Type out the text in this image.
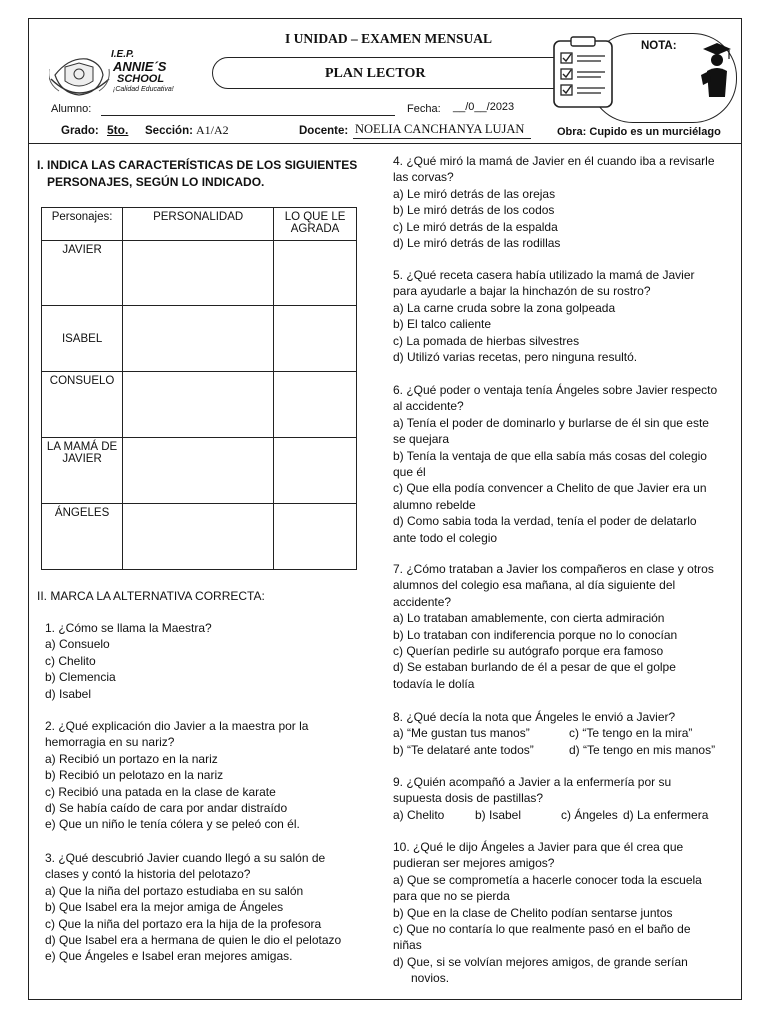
I UNIDAD – EXAMEN MENSUAL
I.E.P.
ANNIE´S
SCHOOL
¡Calidad Educativa!
PLAN LECTOR
Alumno:	Fecha: __/0__/2023
Grado: 5to. Sección: A1/A2	Docente: NOELIA CANCHANYA LUJAN	Obra: Cupido es un murciélago
NOTA:
I. INDICA LAS CARACTERÍSTICAS DE LOS SIGUIENTES
PERSONAJES, SEGÚN LO INDICADO.
Personajes:	PERSONALIDAD	LO QUE LE AGRADA
JAVIER		
ISABEL		
CONSUELO		
LA MAMÁ DE JAVIER		
ÁNGELES		
II. MARCA LA ALTERNATIVA CORRECTA:

1. ¿Cómo se llama la Maestra?

a) Consuelo

c) Chelito

b) Clemencia

d) Isabel

2. ¿Qué explicación dio Javier a la maestra por la

hemorragia en su nariz?

a) Recibió un portazo en la nariz

b) Recibió un pelotazo en la nariz

c) Recibió una patada en la clase de karate

d) Se había caído de cara por andar distraído

e) Que un niño le tenía cólera y se peleó con él.

3. ¿Qué descubrió Javier cuando llegó a su salón de

clases y contó la historia del pelotazo?

a) Que la niña del portazo estudiaba en su salón

b) Que Isabel era la mejor amiga de Ángeles

c) Que la niña del portazo era la hija de la profesora

d) Que Isabel era a hermana de quien le dio el pelotazo

e) Que Ángeles e Isabel eran mejores amigas.

4. ¿Qué miró la mamá de Javier en él cuando iba a revisarle

las corvas?

a) Le miró detrás de las orejas

b) Le miró detrás de los codos

c) Le miró detrás de la espalda

d) Le miró detrás de las rodillas

5. ¿Qué receta casera había utilizado la mamá de Javier

para ayudarle a bajar la hinchazón de su rostro?

a) La carne cruda sobre la zona golpeada

b) El talco caliente

c) La pomada de hierbas silvestres

d) Utilizó varias recetas, pero ninguna resultó.

6. ¿Qué poder o ventaja tenía Ángeles sobre Javier respecto

al accidente?

a) Tenía el poder de dominarlo y burlarse de él sin que este

se quejara

b) Tenía la ventaja de que ella sabía más cosas del colegio

que él

c) Que ella podía convencer a Chelito de que Javier era un

alumno rebelde

d) Como sabia toda la verdad, tenía el poder de delatarlo

ante todo el colegio

7. ¿Cómo trataban a Javier los compañeros en clase y otros

alumnos del colegio esa mañana, al día siguiente del

accidente?

a) Lo trataban amablemente, con cierta admiración

b) Lo trataban con indiferencia porque no lo conocían

c) Querían pedirle su autógrafo porque era famoso

d) Se estaban burlando de él a pesar de que el golpe

todavía le dolía

8. ¿Qué decía la nota que Ángeles le envió a Javier?

a) “Me gustan tus manos”	c) “Te tengo en la mira”

b) “Te delataré ante todos”	d) “Te tengo en mis manos”

9. ¿Quién acompañó a Javier a la enfermería por su

supuesta dosis de pastillas?

a) Chelito	b) Isabel	c) Ángeles d) La enfermera

10. ¿Qué le dijo Ángeles a Javier para que él crea que

pudieran ser mejores amigos?

a) Que se comprometía a hacerle conocer toda la escuela

para que no se pierda

b) Que en la clase de Chelito podían sentarse juntos

c) Que no contaría lo que realmente pasó en el baño de

niñas

d) Que, si se volvían mejores amigos, de grande serían

novios.
